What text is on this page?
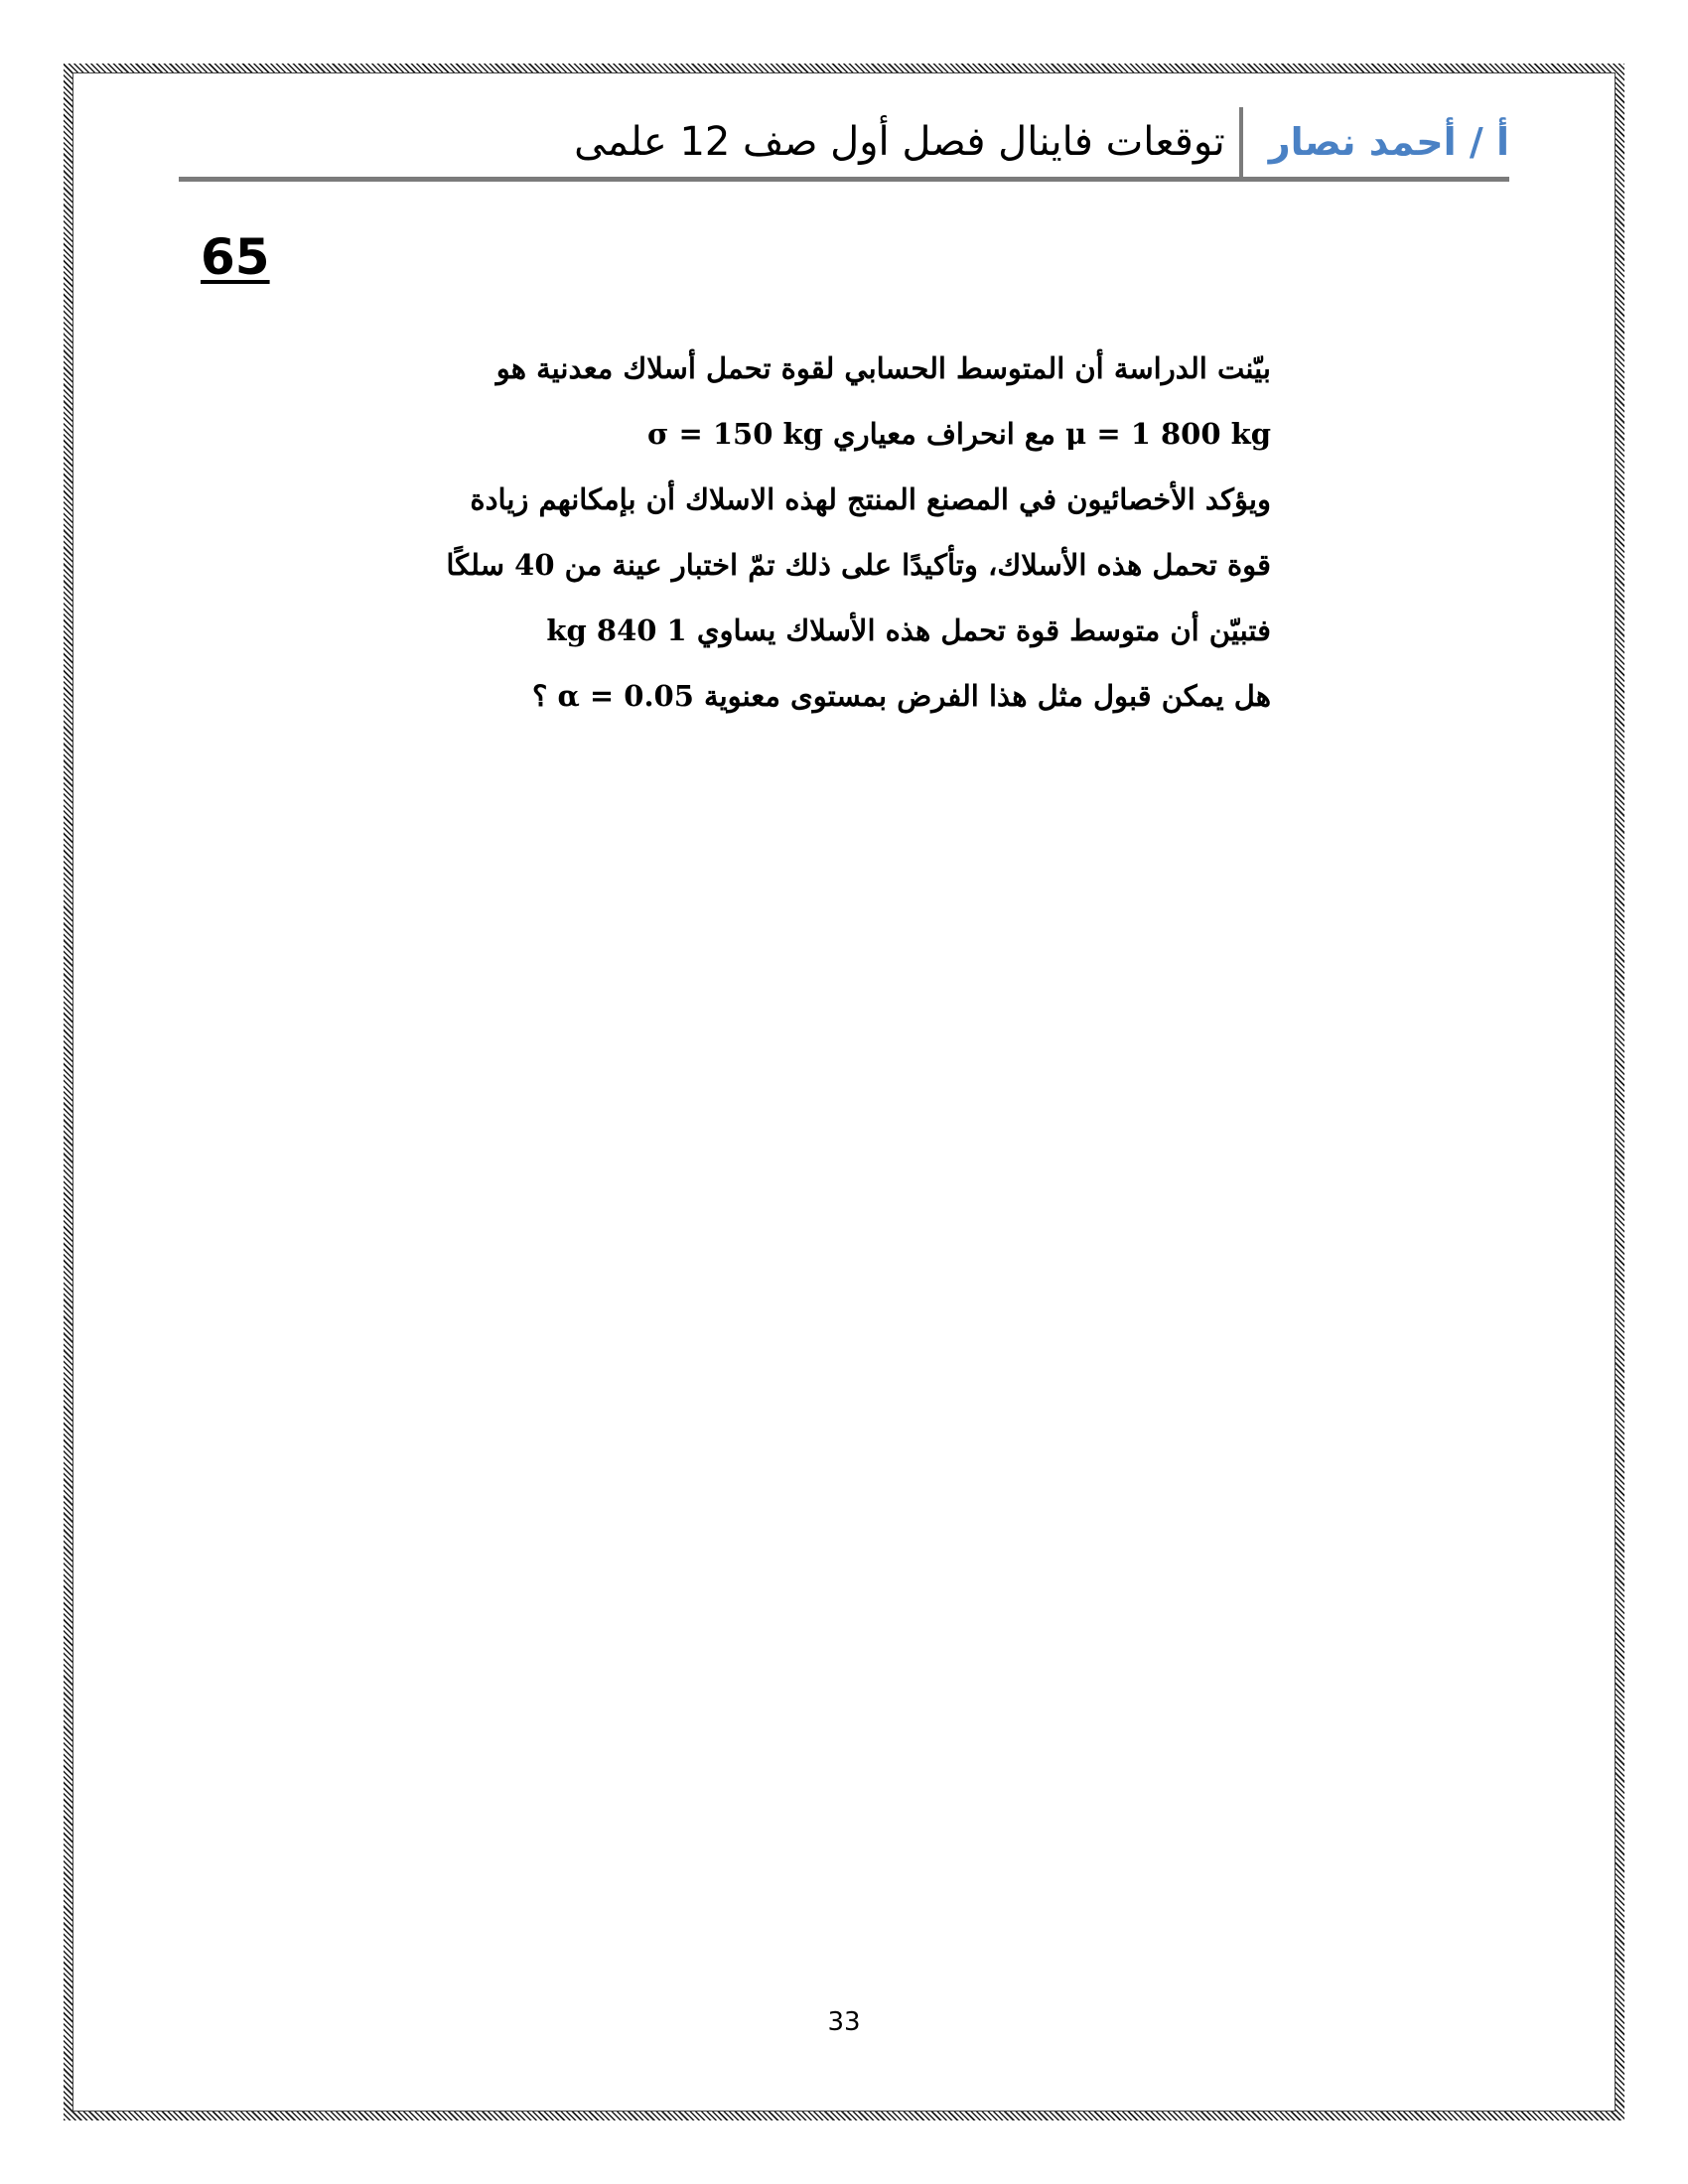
أ / أحمد نصار
توقعات فاينال فصل أول صف 12 علمى
65
بيّنت الدراسة أن المتوسط الحسابي لقوة تحمل أسلاك معدنية هو
μ = 1 800 kg مع انحراف معياري σ = 150 kg
ويؤكد الأخصائيون في المصنع المنتج لهذه الاسلاك أن بإمكانهم زيادة
قوة تحمل هذه الأسلاك، وتأكيدًا على ذلك تمّ اختبار عينة من 40 سلكًا
فتبيّن أن متوسط قوة تحمل هذه الأسلاك يساوي 1 840 kg
هل يمكن قبول مثل هذا الفرض بمستوى معنوية α = 0.05 ؟
33
